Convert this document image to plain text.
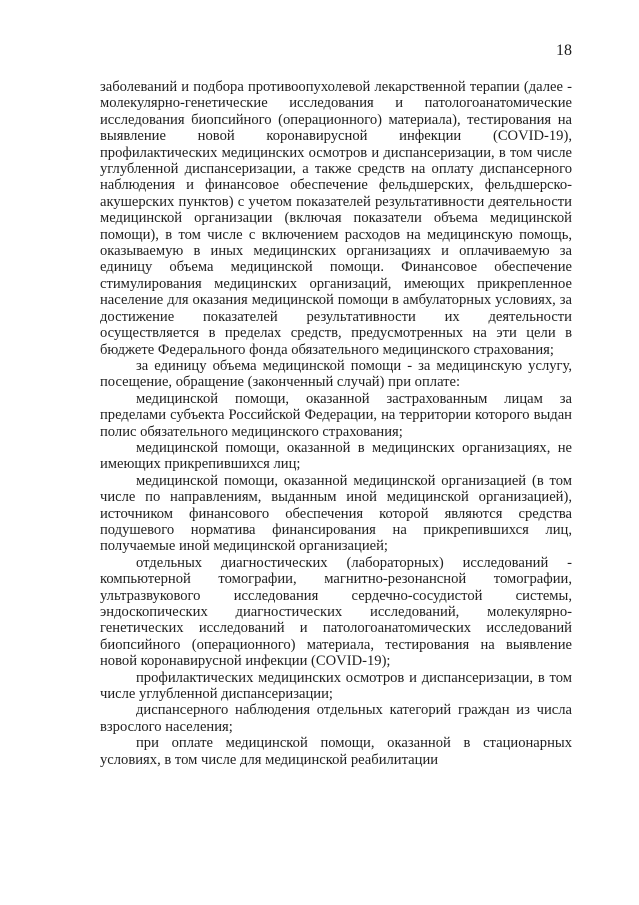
18

заболеваний и подбора противоопухолевой лекарственной терапии (далее - молекулярно-генетические исследования и патологоанатомические исследования биопсийного (операционного) материала), тестирования на выявление новой коронавирусной инфекции (COVID-19), профилактических медицинских осмотров и диспансеризации, в том числе углубленной диспансеризации, а также средств на оплату диспансерного наблюдения и финансовое обеспечение фельдшерских, фельдшерско-акушерских пунктов) с учетом показателей результативности деятельности медицинской организации (включая показатели объема медицинской помощи), в том числе с включением расходов на медицинскую помощь, оказываемую в иных медицинских организациях и оплачиваемую за единицу объема медицинской помощи. Финансовое обеспечение стимулирования медицинских организаций, имеющих прикрепленное население для оказания медицинской помощи в амбулаторных условиях, за достижение показателей результативности их деятельности осуществляется в пределах средств, предусмотренных на эти цели в бюджете Федерального фонда обязательного медицинского страхования;

за единицу объема медицинской помощи - за медицинскую услугу, посещение, обращение (законченный случай) при оплате:

медицинской помощи, оказанной застрахованным лицам за пределами субъекта Российской Федерации, на территории которого выдан полис обязательного медицинского страхования;

медицинской помощи, оказанной в медицинских организациях, не имеющих прикрепившихся лиц;

медицинской помощи, оказанной медицинской организацией (в том числе по направлениям, выданным иной медицинской организацией), источником финансового обеспечения которой являются средства подушевого норматива финансирования на прикрепившихся лиц, получаемые иной медицинской организацией;

отдельных диагностических (лабораторных) исследований - компьютерной томографии, магнитно-резонансной томографии, ультразвукового исследования сердечно-сосудистой системы, эндоскопических диагностических исследований, молекулярно-генетических исследований и патологоанатомических исследований биопсийного (операционного) материала, тестирования на выявление новой коронавирусной инфекции (COVID-19);

профилактических медицинских осмотров и диспансеризации, в том числе углубленной диспансеризации;

диспансерного наблюдения отдельных категорий граждан из числа взрослого населения;

при оплате медицинской помощи, оказанной в стационарных условиях, в том числе для медицинской реабилитации
